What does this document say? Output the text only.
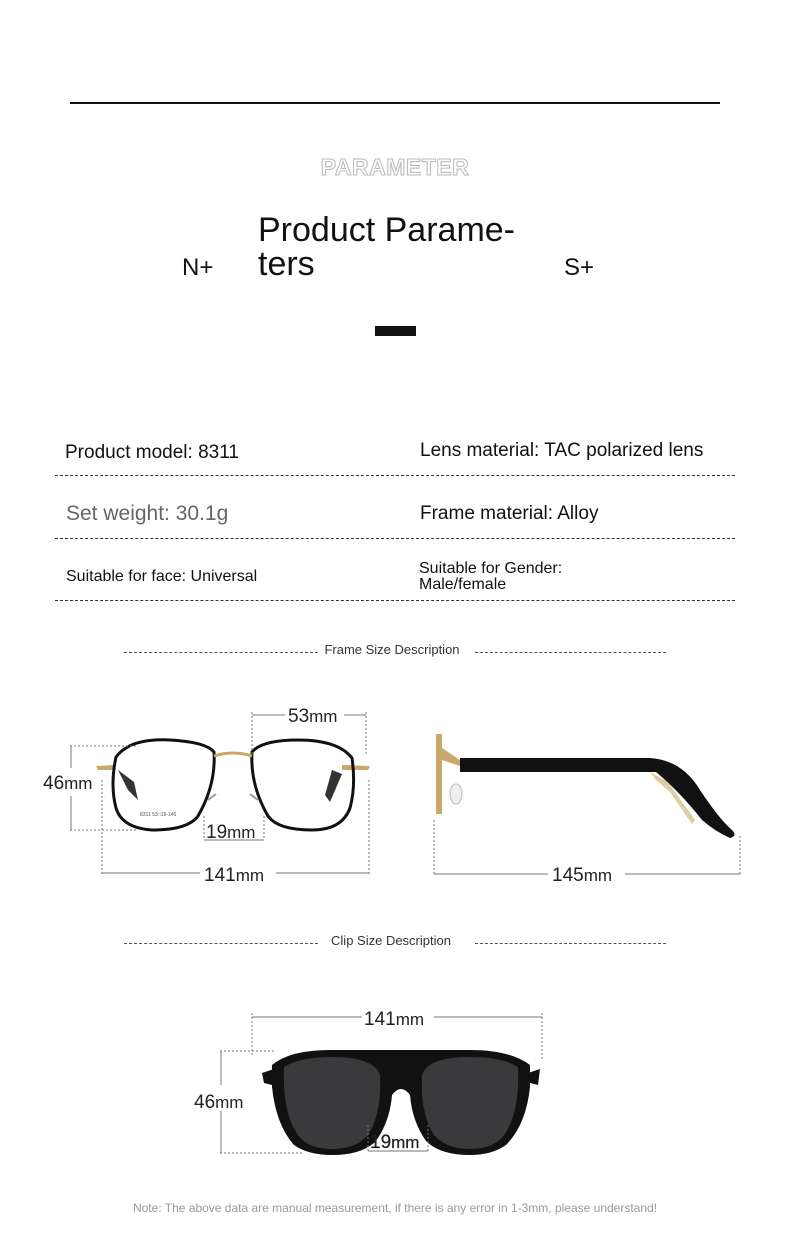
PARAMETER
Product Parame-
ters
N+	S+
Product model: 8311	Lens material: TAC polarized lens
Set weight: 30.1g	Frame material: Alloy
Suitable for face: Universal	Suitable for Gender:
Male/female
Frame Size Description
8311 53□19-145
53mm
46mm
19mm
141mm	145mm
Clip Size Description
141mm
46mm
19mm
Note: The above data are manual measurement, if there is any error in 1-3mm, please understand!
